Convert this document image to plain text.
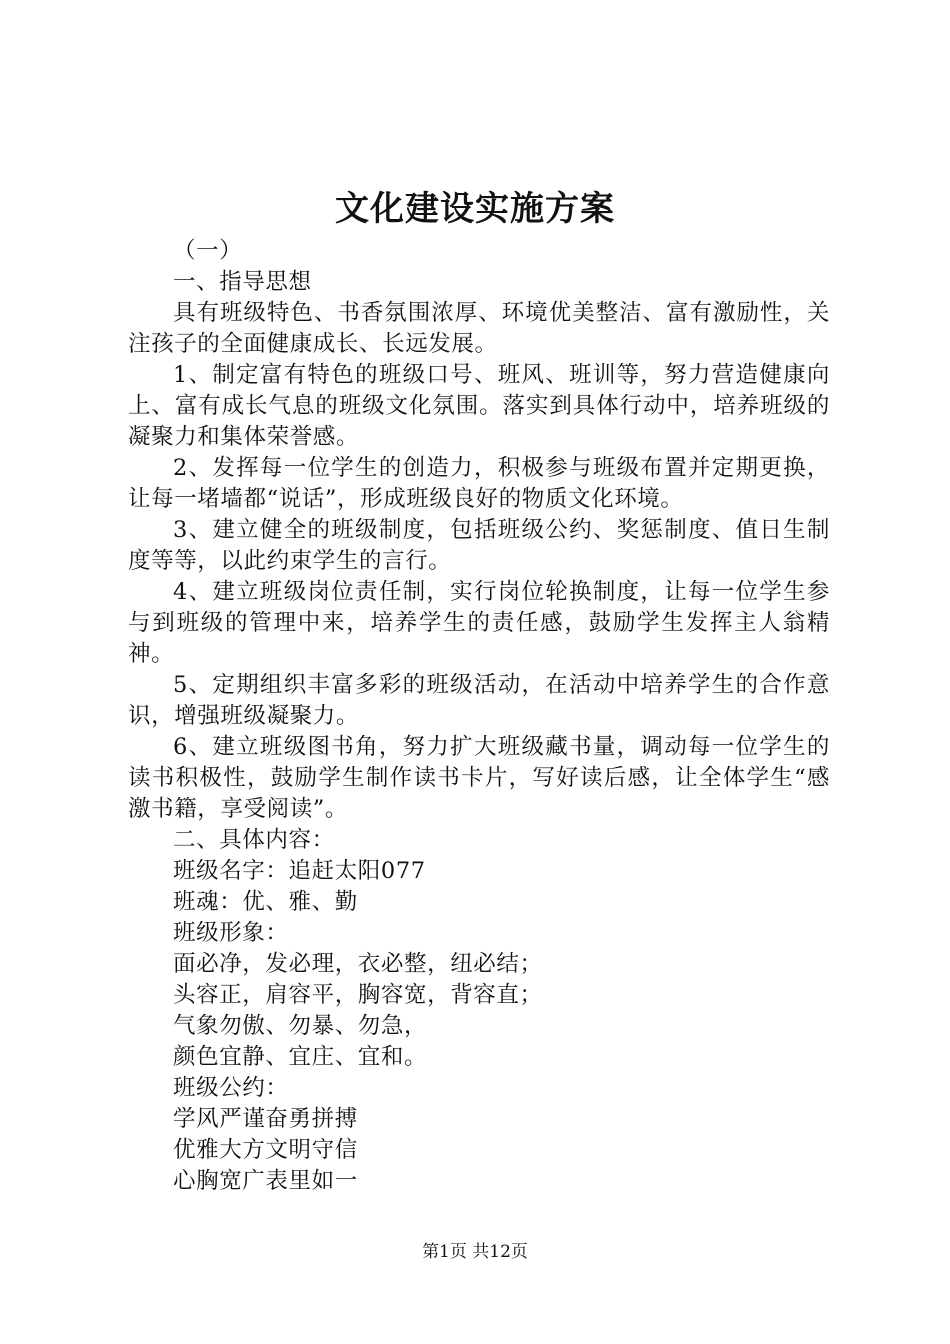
文化建设实施方案

（一）

一、指导思想

具有班级特色、书香氛围浓厚、环境优美整洁、富有激励性，关注孩子的全面健康成长、长远发展。

1、制定富有特色的班级口号、班风、班训等，努力营造健康向上、富有成长气息的班级文化氛围。落实到具体行动中，培养班级的凝聚力和集体荣誉感。

2、发挥每一位学生的创造力，积极参与班级布置并定期更换，让每一堵墙都“说话”，形成班级良好的物质文化环境。

3、建立健全的班级制度，包括班级公约、奖惩制度、值日生制度等等，以此约束学生的言行。

4、建立班级岗位责任制，实行岗位轮换制度，让每一位学生参与到班级的管理中来，培养学生的责任感，鼓励学生发挥主人翁精神。

5、定期组织丰富多彩的班级活动，在活动中培养学生的合作意识，增强班级凝聚力。

6、建立班级图书角，努力扩大班级藏书量，调动每一位学生的读书积极性，鼓励学生制作读书卡片，写好读后感，让全体学生“感激书籍，享受阅读”。

二、具体内容：

班级名字：追赶太阳077

班魂：优、雅、勤

班级形象：

面必净，发必理，衣必整，纽必结；

头容正，肩容平，胸容宽，背容直；

气象勿傲、勿暴、勿急，

颜色宜静、宜庄、宜和。

班级公约：

学风严谨奋勇拼搏

优雅大方文明守信

心胸宽广表里如一

第1页 共12页
